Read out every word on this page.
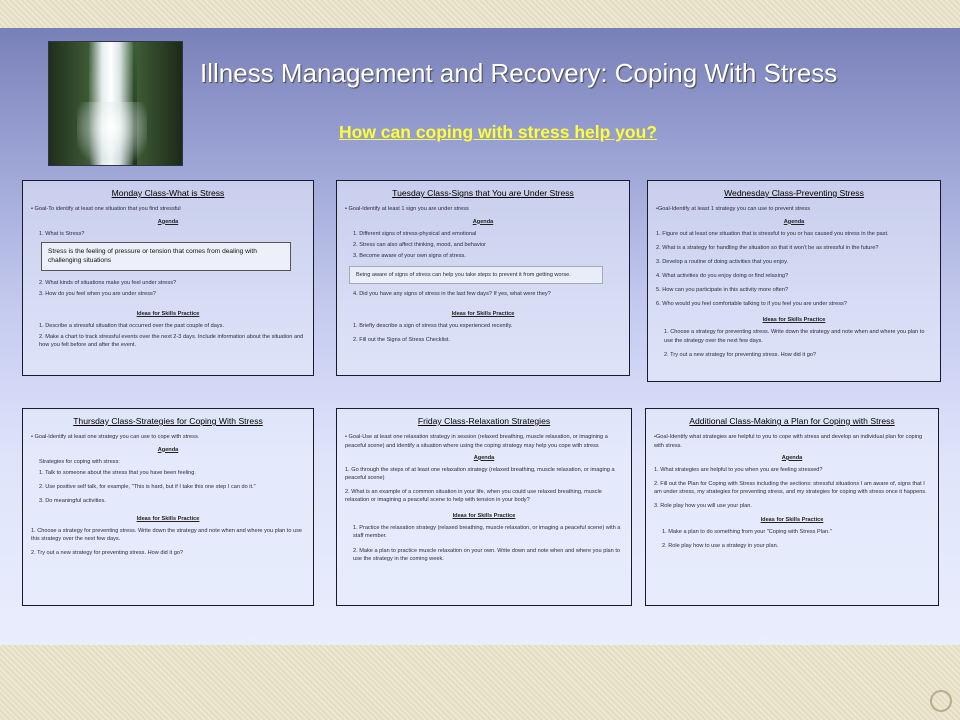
Illness Management and Recovery: Coping With Stress
How can coping with stress help you?
Monday Class-What is Stress

• Goal-To identify at least one situation that you find stressful

Agenda
1. What is Stress?
Stress is the feeling of pressure or tension that comes from dealing with challenging situations
2. What kinds of situations make you feel under stress?
3. How do you feel when you are under stress?
Ideas for Skills Practice
1. Describe a stressful situation that occurred over the past couple of days.
2. Make a chart to track stressful events over the next 2-3 days. Include information about the situation and how you felt before and after the event.
Tuesday Class-Signs that You are Under Stress

• Goal-Identify at least 1 sign you are under stress

Agenda
1. Different signs of stress-physical and emotional
2. Stress can also affect thinking, mood, and behavior
3. Become aware of your own signs of stress.
Being aware of signs of stress can help you take steps to prevent it from getting worse.
4. Did you have any signs of stress in the last few days? If yes, what were they?
Ideas for Skills Practice
1. Briefly describe a sign of stress that you experienced recently.
2. Fill out the Signs of Stress Checklist.
Wednesday Class-Preventing Stress

•Goal-Identify at least 1 strategy you can use to prevent stress

Agenda
1. Figure out at least one situation that is stressful to you or has caused you stress in the past.
2. What is a strategy for handling the situation so that it won't be as stressful in the future?
3. Develop a routine of doing activities that you enjoy.
4. What activities do you enjoy doing or find relaxing?
5. How can you participate in this activity more often?
6. Who would you feel comfortable talking to if you feel you are under stress?
Ideas for Skills Practice
1. Choose a strategy for preventing stress. Write down the strategy and note when and where you plan to use the strategy over the next few days.
2. Try out a new strategy for preventing stress. How did it go?
Thursday Class-Strategies for Coping With Stress

• Goal-Identify at least one strategy you can use to cope with stress.

Agenda

Strategies for coping with stress:

1. Talk to someone about the stress that you have been feeling.
2. Use positive self talk, for example, "This is hard, but if I take this one step I can do it."
3. Do meaningful activities.
Ideas for Skills Practice
1. Choose a strategy for preventing stress. Write down the strategy and note when and where you plan to use this strategy over the next few days.
2. Try out a new strategy for preventing stress. How did it go?
Friday Class-Relaxation Strategies

• Goal-Use at least one relaxation strategy in session (relaxed breathing, muscle relaxation, or imagining a peaceful scene) and identify a situation where using the coping strategy may help you cope with stress

Agenda
1. Go through the steps of at least one relaxation strategy (relaxed breathing, muscle relaxation, or imaging a peaceful scene)
2. What is an example of a common situation in your life, when you could use relaxed breathing, muscle relaxation or imagining a peaceful scene to help with tension in your body?
Ideas for Skills Practice
1. Practice the relaxation strategy (relaxed breathing, muscle relaxation, or imaging a peaceful scene) with a staff member.
2. Make a plan to practice muscle relaxation on your own. Write down and note when and where you plan to use the strategy in the coming week.
Additional Class-Making a Plan for Coping with Stress

•Goal-Identify what strategies are helpful to you to cope with stress and develop an individual plan for coping with stress.

Agenda
1. What strategies are helpful to you when you are feeling stressed?
2. Fill out the Plan for Coping with Stress including the sections: stressful situations I am aware of, signs that I am under stress, my strategies for preventing stress, and my strategies for coping with stress once it happens.
3. Role play how you will use your plan.
Ideas for Skills Practice
1. Make a plan to do something from your "Coping with Stress Plan."
2. Role play how to use a strategy in your plan.
